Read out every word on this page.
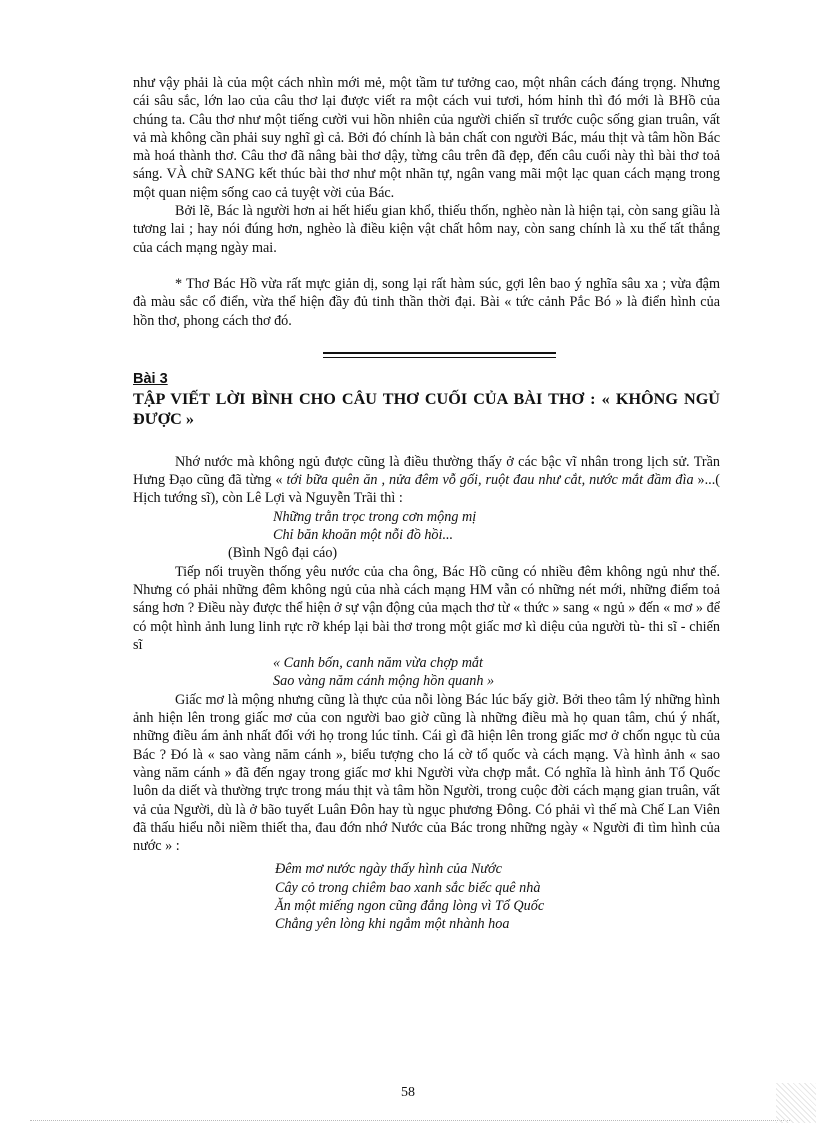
như vậy phải là của một cách nhìn mới mẻ, một tầm tư tưởng cao, một nhân cách đáng trọng. Nhưng cái sâu sắc, lớn lao của câu thơ lại được viết ra một cách vui tươi, hóm hỉnh thì đó mới là BHồ của chúng ta. Câu thơ như một tiếng cười vui hồn nhiên của người chiến sĩ trước cuộc sống gian truân, vất vả mà không cần phải suy nghĩ gì cả. Bởi đó chính là bản chất con người Bác, máu thịt và tâm hồn Bác mà hoá thành thơ. Câu thơ đã nâng bài thơ dậy, từng câu trên đã đẹp, đến câu cuối này thì bài thơ toả sáng. VÀ chữ SANG kết thúc bài thơ như một nhãn tự, ngân vang mãi một lạc quan cách mạng trong một quan niệm sống cao cả tuyệt vời của Bác.

Bởi lẽ, Bác là người hơn ai hết hiểu gian khổ, thiếu thốn, nghèo nàn là hiện tại, còn sang giầu là tương lai ; hay nói đúng hơn, nghèo là điều kiện vật chất hôm nay, còn sang chính là xu thế tất thắng của cách mạng ngày mai.

* Thơ Bác Hồ vừa rất mực giản dị, song lại rất hàm súc, gợi lên bao ý nghĩa sâu xa ; vừa đậm đà màu sắc cổ điển, vừa thể hiện đầy đủ tinh thần thời đại. Bài « tức cảnh Pắc Bó » là điển hình của hồn thơ, phong cách thơ đó.

Bài 3
TẬP VIẾT LỜI BÌNH CHO CÂU THƠ CUỐI CỦA BÀI THƠ : « KHÔNG NGỦ ĐƯỢC »

Nhớ nước mà không ngủ được cũng là điều thường thấy ở các bậc vĩ nhân trong lịch sử. Trần Hưng Đạo cũng đã từng « tới bữa quên ăn , nửa đêm vỗ gối, ruột đau như cắt, nước mắt đầm đìa »...( Hịch tướng sĩ), còn Lê Lợi và Nguyễn Trãi thì :

Những trằn trọc trong cơn mộng mị
Chỉ băn khoăn một nỗi đồ hồi...
(Bình Ngô đại cáo)

Tiếp nối truyền thống yêu nước của cha ông, Bác Hồ cũng có nhiều đêm không ngủ như thế. Nhưng có phải những đêm không ngủ của nhà cách mạng HM vẫn có những nét mới, những điểm toả sáng hơn ? Điều này được thể hiện ở sự vận động của mạch thơ từ « thức » sang « ngủ » đến « mơ » để có một hình ảnh lung linh rực rỡ khép lại bài thơ trong một giấc mơ kì diệu của người tù- thi sĩ - chiến sĩ

« Canh bốn, canh năm vừa chợp mắt
Sao vàng năm cánh mộng hồn quanh »

Giấc mơ là mộng nhưng cũng là thực của nỗi lòng Bác lúc bấy giờ. Bởi theo tâm lý những hình ảnh hiện lên trong giấc mơ của con người bao giờ cũng là những điều mà họ quan tâm, chú ý nhất, những điều ám ảnh nhất đối với họ trong lúc tỉnh. Cái gì đã hiện lên trong giấc mơ ở chốn ngục tù của Bác ? Đó là « sao vàng năm cánh », biểu tượng cho lá cờ tổ quốc và cách mạng. Và hình ảnh « sao vàng năm cánh » đã đến ngay trong giấc mơ khi Người vừa chợp mắt. Có nghĩa là hình ảnh Tổ Quốc luôn da diết và thường trực trong máu thịt và tâm hồn Người, trong cuộc đời cách mạng gian truân, vất vả của Người, dù là ở bão tuyết Luân Đôn hay tù ngục phương Đông. Có phải vì thế mà Chế Lan Viên đã thấu hiểu nỗi niềm thiết tha, đau đớn nhớ Nước của Bác trong những ngày « Người đi tìm hình của nước » :

Đêm mơ nước ngày thấy hình của Nước
Cây cỏ trong chiêm bao xanh sắc biếc quê nhà
Ăn một miếng ngon cũng đắng lòng vì Tổ Quốc
Chẳng yên lòng khi ngắm một nhành hoa
58
